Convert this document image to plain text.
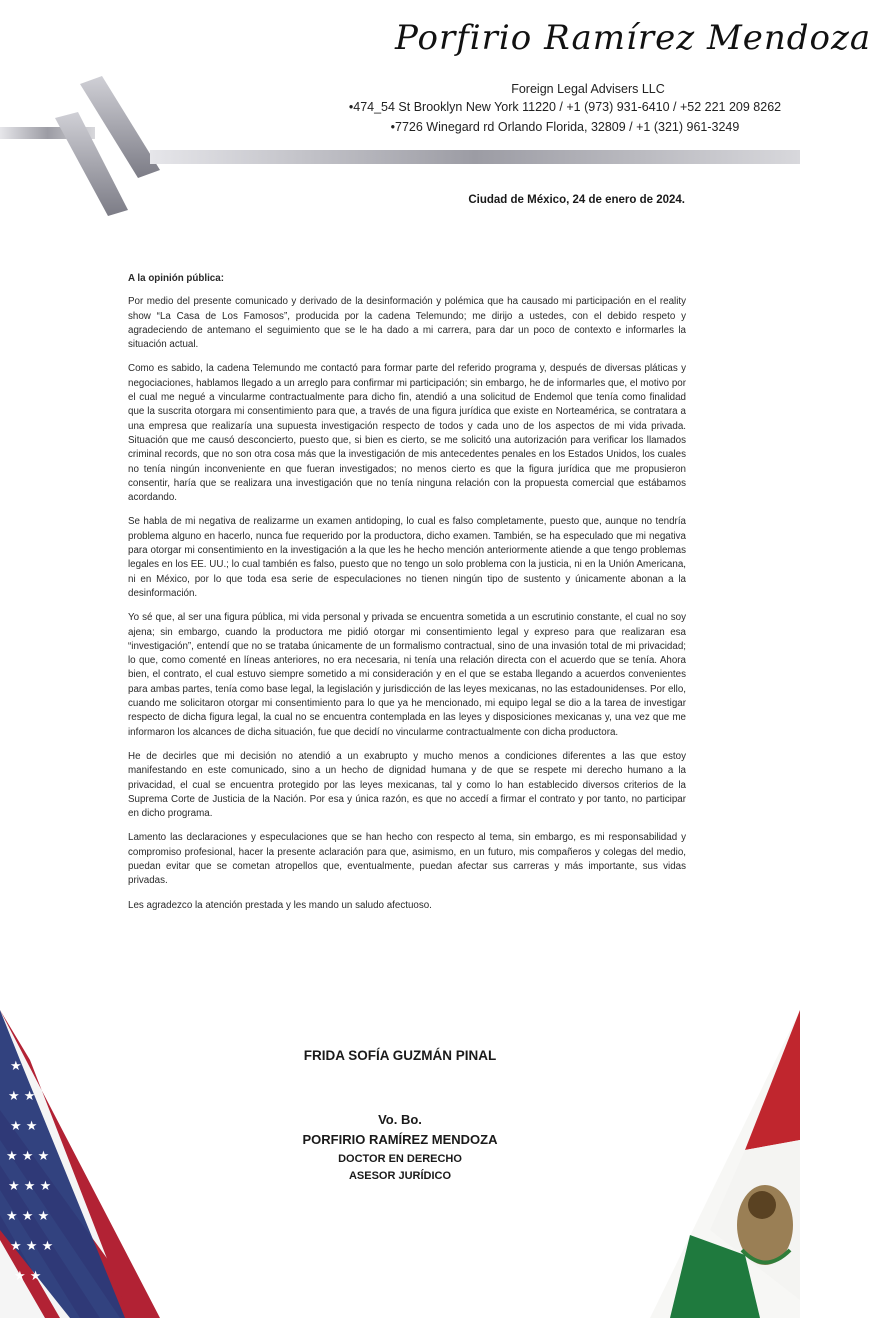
Porfirio Ramírez Mendoza
Foreign Legal Advisers LLC
•474_54 St Brooklyn New York 11220 / +1 (973) 931-6410 / +52 221 209 8262
•7726 Winegard rd Orlando Florida, 32809 / +1 (321) 961-3249
Ciudad de México, 24 de enero de 2024.
A la opinión pública:

Por medio del presente comunicado y derivado de la desinformación y polémica que ha causado mi participación en el reality show “La Casa de Los Famosos”, producida por la cadena Telemundo; me dirijo a ustedes, con el debido respeto y agradeciendo de antemano el seguimiento que se le ha dado a mi carrera, para dar un poco de contexto e informarles la situación actual.

Como es sabido, la cadena Telemundo me contactó para formar parte del referido programa y, después de diversas pláticas y negociaciones, hablamos llegado a un arreglo para confirmar mi participación; sin embargo, he de informarles que, el motivo por el cual me negué a vincularme contractualmente para dicho fin, atendió a una solicitud de Endemol que tenía como finalidad que la suscrita otorgara mi consentimiento para que, a través de una figura jurídica que existe en Norteamérica, se contratara a una empresa que realizaría una supuesta investigación respecto de todos y cada uno de los aspectos de mi vida privada. Situación que me causó desconcierto, puesto que, si bien es cierto, se me solicitó una autorización para verificar los llamados criminal records, que no son otra cosa más que la investigación de mis antecedentes penales en los Estados Unidos, los cuales no tenía ningún inconveniente en que fueran investigados; no menos cierto es que la figura jurídica que me propusieron consentir, haría que se realizara una investigación que no tenía ninguna relación con la propuesta comercial que estábamos acordando.

Se habla de mi negativa de realizarme un examen antidoping, lo cual es falso completamente, puesto que, aunque no tendría problema alguno en hacerlo, nunca fue requerido por la productora, dicho examen. También, se ha especulado que mi negativa para otorgar mi consentimiento en la investigación a la que les he hecho mención anteriormente atiende a que tengo problemas legales en los EE. UU.; lo cual también es falso, puesto que no tengo un solo problema con la justicia, ni en la Unión Americana, ni en México, por lo que toda esa serie de especulaciones no tienen ningún tipo de sustento y únicamente abonan a la desinformación.

Yo sé que, al ser una figura pública, mi vida personal y privada se encuentra sometida a un escrutinio constante, el cual no soy ajena; sin embargo, cuando la productora me pidió otorgar mi consentimiento legal y expreso para que realizaran esa “investigación”, entendí que no se trataba únicamente de un formalismo contractual, sino de una invasión total de mi privacidad; lo que, como comenté en líneas anteriores, no era necesaria, ni tenía una relación directa con el acuerdo que se tenía. Ahora bien, el contrato, el cual estuvo siempre sometido a mi consideración y en el que se estaba llegando a acuerdos convenientes para ambas partes, tenía como base legal, la legislación y jurisdicción de las leyes mexicanas, no las estadounidenses. Por ello, cuando me solicitaron otorgar mi consentimiento para lo que ya he mencionado, mi equipo legal se dio a la tarea de investigar respecto de dicha figura legal, la cual no se encuentra contemplada en las leyes y disposiciones mexicanas y, una vez que me informaron los alcances de dicha situación, fue que decidí no vincularme contractualmente con dicha productora.

He de decirles que mi decisión no atendió a un exabrupto y mucho menos a condiciones diferentes a las que estoy manifestando en este comunicado, sino a un hecho de dignidad humana y de que se respete mi derecho humano a la privacidad, el cual se encuentra protegido por las leyes mexicanas, tal y como lo han establecido diversos criterios de la Suprema Corte de Justicia de la Nación. Por esa y única razón, es que no accedí a firmar el contrato y por tanto, no participar en dicho programa.

Lamento las declaraciones y especulaciones que se han hecho con respecto al tema, sin embargo, es mi responsabilidad y compromiso profesional, hacer la presente aclaración para que, asimismo, en un futuro, mis compañeros y colegas del medio, puedan evitar que se cometan atropellos que, eventualmente, puedan afectar sus carreras y más importante, sus vidas privadas.

Les agradezco la atención prestada y les mando un saludo afectuoso.

FRIDA SOFÍA GUZMÁN PINAL
Vo. Bo.
PORFIRIO RAMÍREZ MENDOZA
DOCTOR EN DERECHO
ASESOR JURÍDICO
★
★ ★
★ ★
★ ★ ★
★ ★ ★
★ ★ ★
★ ★ ★
★ ★
